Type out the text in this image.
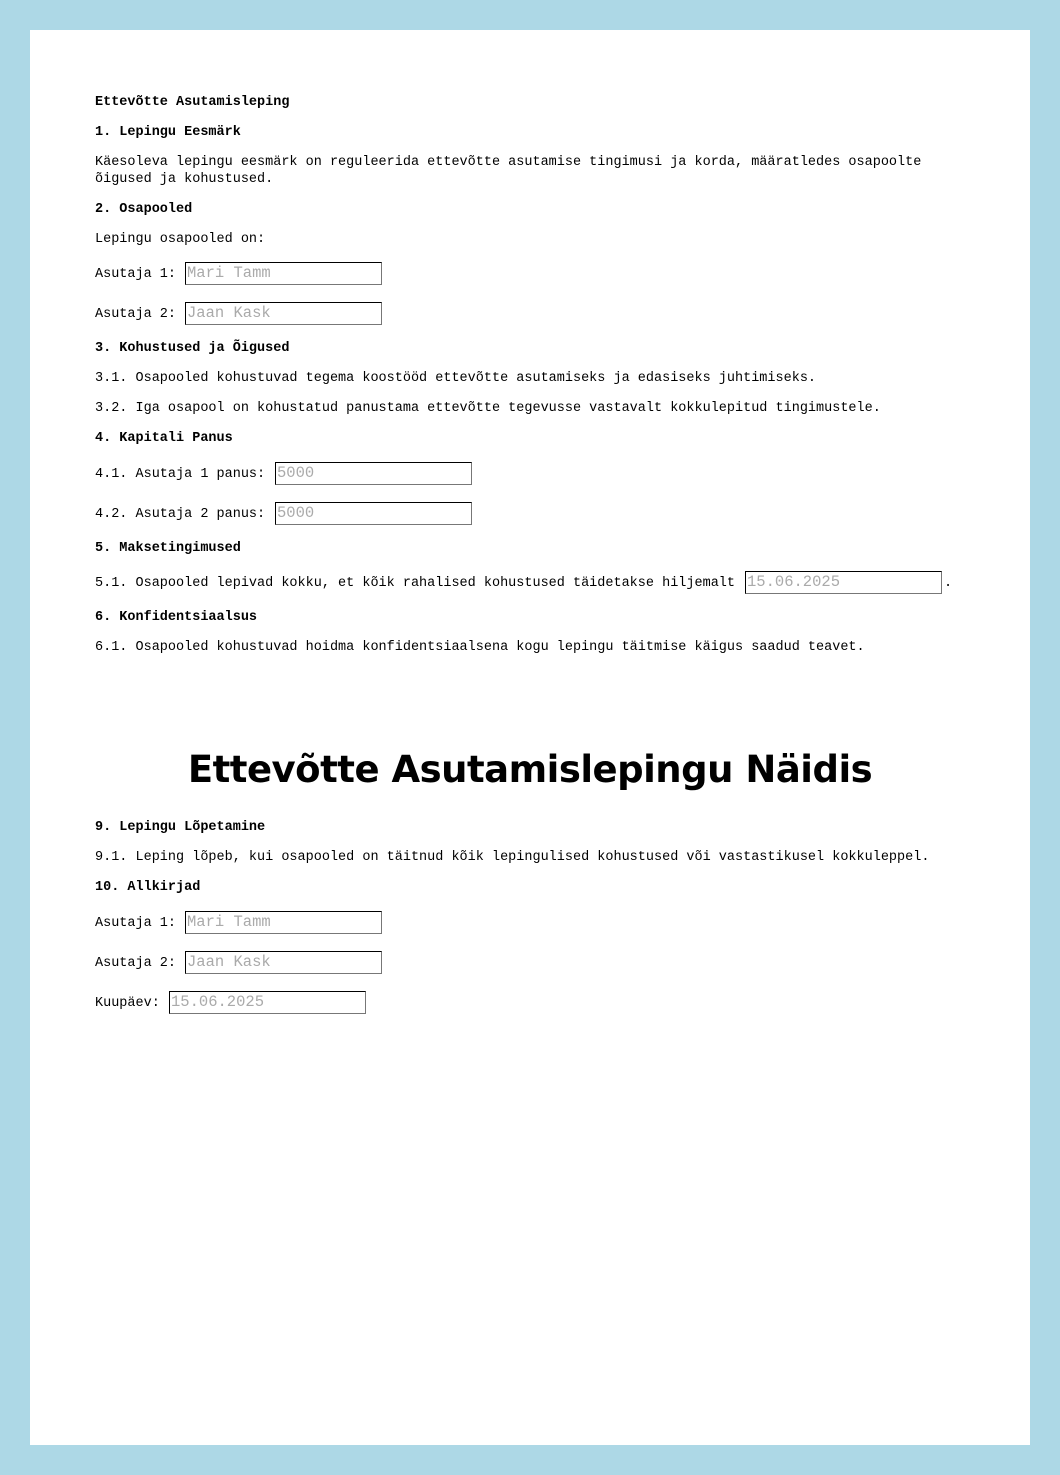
Ettevõtte Asutamisleping
1. Lepingu Eesmärk
Käesoleva lepingu eesmärk on reguleerida ettevõtte asutamise tingimusi ja korda, määratledes osapoolte õigused ja kohustused.
2. Osapooled
Lepingu osapooled on:
Asutaja 1: Mari Tamm
Asutaja 2: Jaan Kask
3. Kohustused ja Õigused
3.1. Osapooled kohustuvad tegema koostööd ettevõtte asutamiseks ja edasiseks juhtimiseks.
3.2. Iga osapool on kohustatud panustama ettevõtte tegevusse vastavalt kokkulepitud tingimustele.
4. Kapitali Panus
4.1. Asutaja 1 panus: 5000
4.2. Asutaja 2 panus: 5000
5. Maksetingimused
5.1. Osapooled lepivad kokku, et kõik rahalised kohustused täidetakse hiljemalt 15.06.2025	.
6. Konfidentsiaalsus
6.1. Osapooled kohustuvad hoidma konfidentsiaalsena kogu lepingu täitmise käigus saadud teavet.
Ettevõtte Asutamislepingu Näidis
9. Lepingu Lõpetamine
9.1. Leping lõpeb, kui osapooled on täitnud kõik lepingulised kohustused või vastastikusel kokkuleppel.
10. Allkirjad
Asutaja 1: Mari Tamm
Asutaja 2: Jaan Kask
Kuupäev: 15.06.2025
